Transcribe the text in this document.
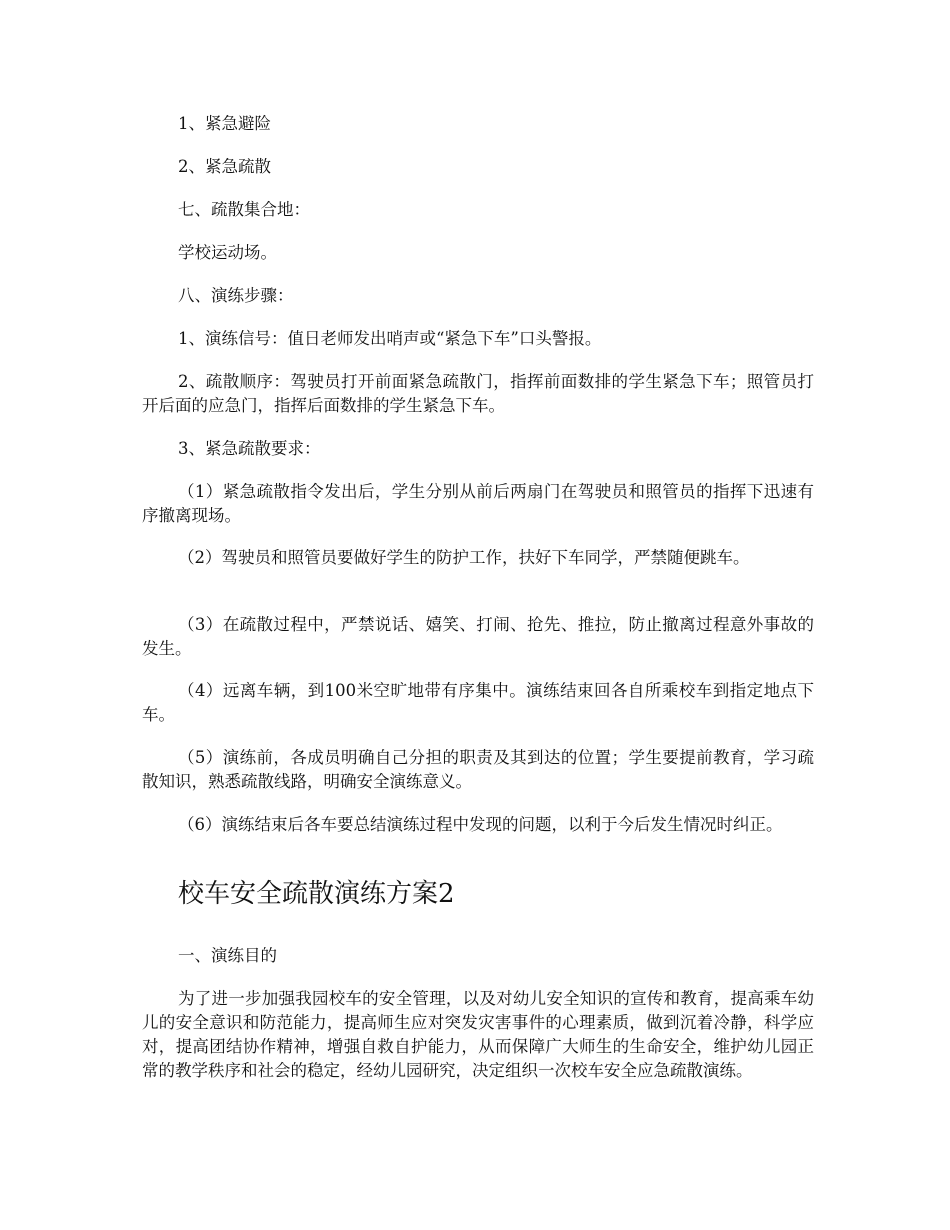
1、紧急避险

2、紧急疏散

七、疏散集合地：

学校运动场。

八、演练步骤：

1、演练信号：值日老师发出哨声或“紧急下车”口头警报。

2、疏散顺序：驾驶员打开前面紧急疏散门，指挥前面数排的学生紧急下车；照管员打开后面的应急门，指挥后面数排的学生紧急下车。

3、紧急疏散要求：

（1）紧急疏散指令发出后，学生分别从前后两扇门在驾驶员和照管员的指挥下迅速有序撤离现场。

（2）驾驶员和照管员要做好学生的防护工作，扶好下车同学，严禁随便跳车。

（3）在疏散过程中，严禁说话、嬉笑、打闹、抢先、推拉，防止撤离过程意外事故的发生。

（4）远离车辆，到100米空旷地带有序集中。演练结束回各自所乘校车到指定地点下车。

（5）演练前，各成员明确自己分担的职责及其到达的位置；学生要提前教育，学习疏散知识，熟悉疏散线路，明确安全演练意义。

（6）演练结束后各车要总结演练过程中发现的问题，以利于今后发生情况时纠正。

校车安全疏散演练方案2

一、演练目的

为了进一步加强我园校车的安全管理，以及对幼儿安全知识的宣传和教育，提高乘车幼儿的安全意识和防范能力，提高师生应对突发灾害事件的心理素质，做到沉着冷静，科学应对，提高团结协作精神，增强自救自护能力，从而保障广大师生的生命安全，维护幼儿园正常的教学秩序和社会的稳定，经幼儿园研究，决定组织一次校车安全应急疏散演练。
